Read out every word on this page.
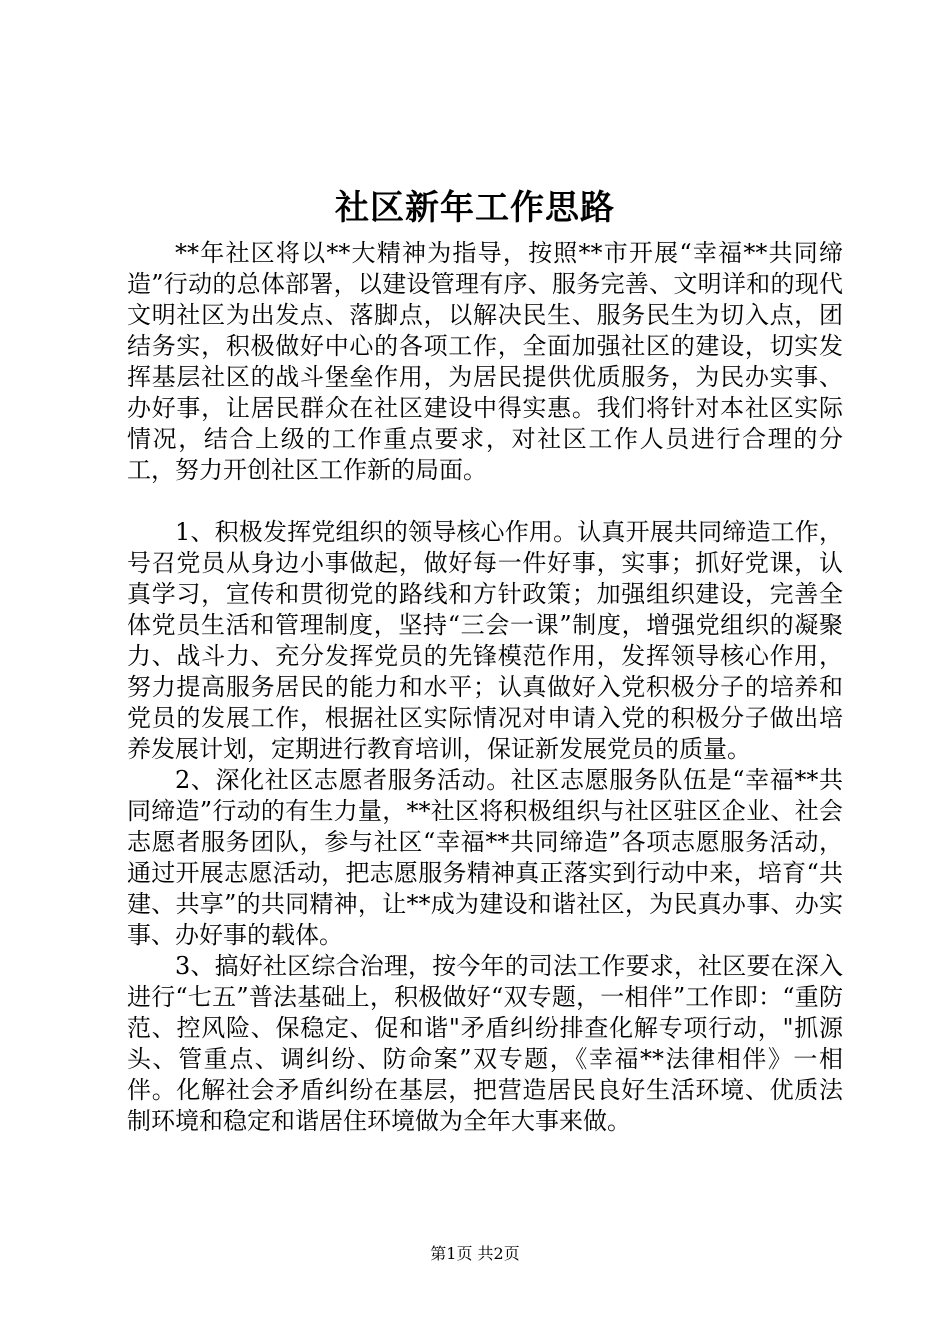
社区新年工作思路

**年社区将以**大精神为指导，按照**市开展“幸福**共同缔造”行动的总体部署，以建设管理有序、服务完善、文明详和的现代文明社区为出发点、落脚点，以解决民生、服务民生为切入点，团结务实，积极做好中心的各项工作，全面加强社区的建设，切实发挥基层社区的战斗堡垒作用，为居民提供优质服务，为民办实事、办好事，让居民群众在社区建设中得实惠。我们将针对本社区实际情况，结合上级的工作重点要求，对社区工作人员进行合理的分工，努力开创社区工作新的局面。

1、积极发挥党组织的领导核心作用。认真开展共同缔造工作，号召党员从身边小事做起，做好每一件好事，实事；抓好党课，认真学习，宣传和贯彻党的路线和方针政策；加强组织建设，完善全体党员生活和管理制度，坚持“三会一课”制度，增强党组织的凝聚力、战斗力、充分发挥党员的先锋模范作用，发挥领导核心作用，努力提高服务居民的能力和水平；认真做好入党积极分子的培养和党员的发展工作，根据社区实际情况对申请入党的积极分子做出培养发展计划，定期进行教育培训，保证新发展党员的质量。

2、深化社区志愿者服务活动。社区志愿服务队伍是“幸福**共同缔造”行动的有生力量，**社区将积极组织与社区驻区企业、社会志愿者服务团队，参与社区“幸福**共同缔造”各项志愿服务活动，通过开展志愿活动，把志愿服务精神真正落实到行动中来，培育“共建、共享”的共同精神，让**成为建设和谐社区，为民真办事、办实事、办好事的载体。

3、搞好社区综合治理，按今年的司法工作要求，社区要在深入进行“七五”普法基础上，积极做好“双专题，一相伴”工作即：“重防范、控风险、保稳定、促和谐"矛盾纠纷排查化解专项行动，"抓源头、管重点、调纠纷、防命案”双专题，《幸福**法律相伴》一相伴。化解社会矛盾纠纷在基层，把营造居民良好生活环境、优质法制环境和稳定和谐居住环境做为全年大事来做。

第1页 共2页
